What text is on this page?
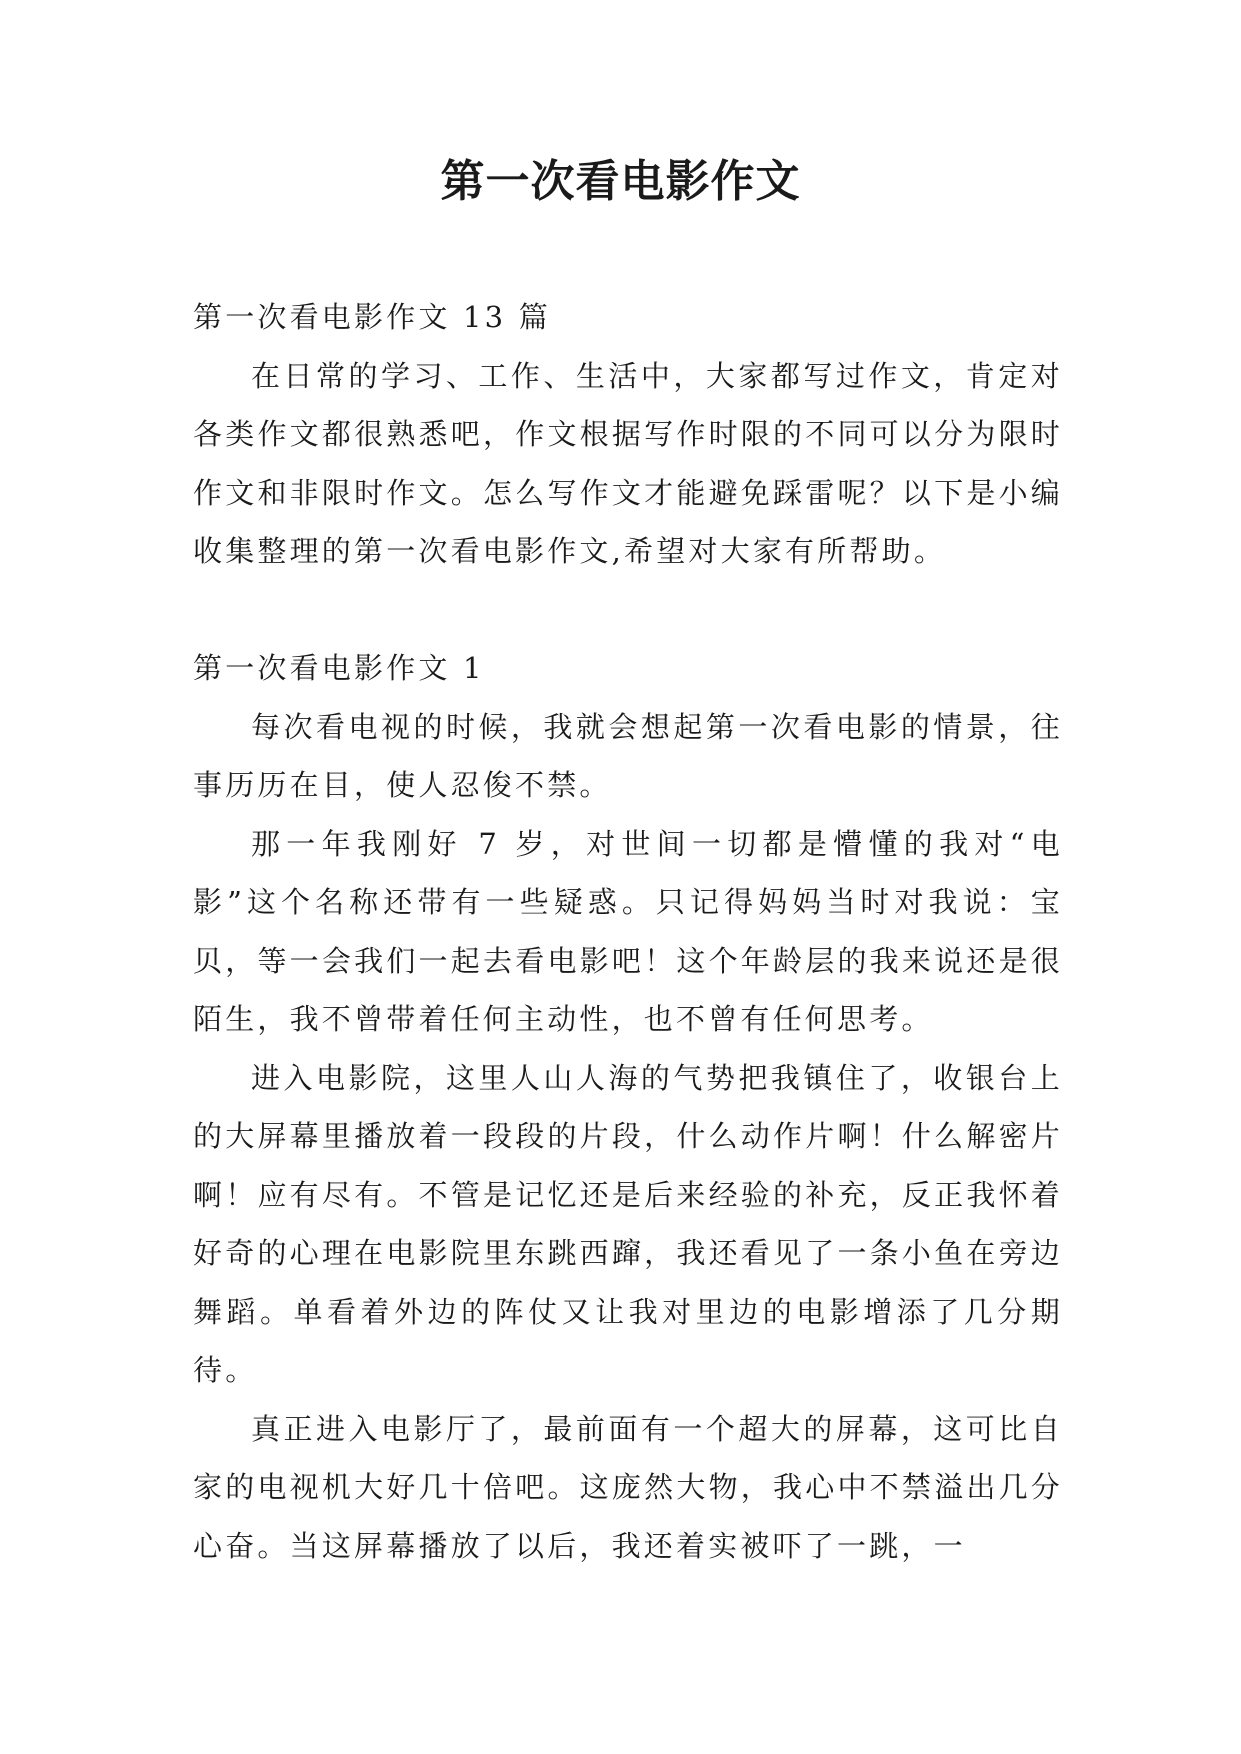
第一次看电影作文

第一次看电影作文 13 篇

在日常的学习、工作、生活中，大家都写过作文，肯定对各类作文都很熟悉吧，作文根据写作时限的不同可以分为限时作文和非限时作文。怎么写作文才能避免踩雷呢？以下是小编收集整理的第一次看电影作文,希望对大家有所帮助。

第一次看电影作文 1

每次看电视的时候，我就会想起第一次看电影的情景，往事历历在目，使人忍俊不禁。

那一年我刚好 7 岁，对世间一切都是懵懂的我对“电影”这个名称还带有一些疑惑。只记得妈妈当时对我说：宝贝，等一会我们一起去看电影吧！这个年龄层的我来说还是很陌生，我不曾带着任何主动性，也不曾有任何思考。

进入电影院，这里人山人海的气势把我镇住了，收银台上的大屏幕里播放着一段段的片段，什么动作片啊！什么解密片啊！应有尽有。不管是记忆还是后来经验的补充，反正我怀着好奇的心理在电影院里东跳西蹿，我还看见了一条小鱼在旁边舞蹈。单看着外边的阵仗又让我对里边的电影增添了几分期待。

真正进入电影厅了，最前面有一个超大的屏幕，这可比自家的电视机大好几十倍吧。这庞然大物，我心中不禁溢出几分心奋。当这屏幕播放了以后，我还着实被吓了一跳，一
